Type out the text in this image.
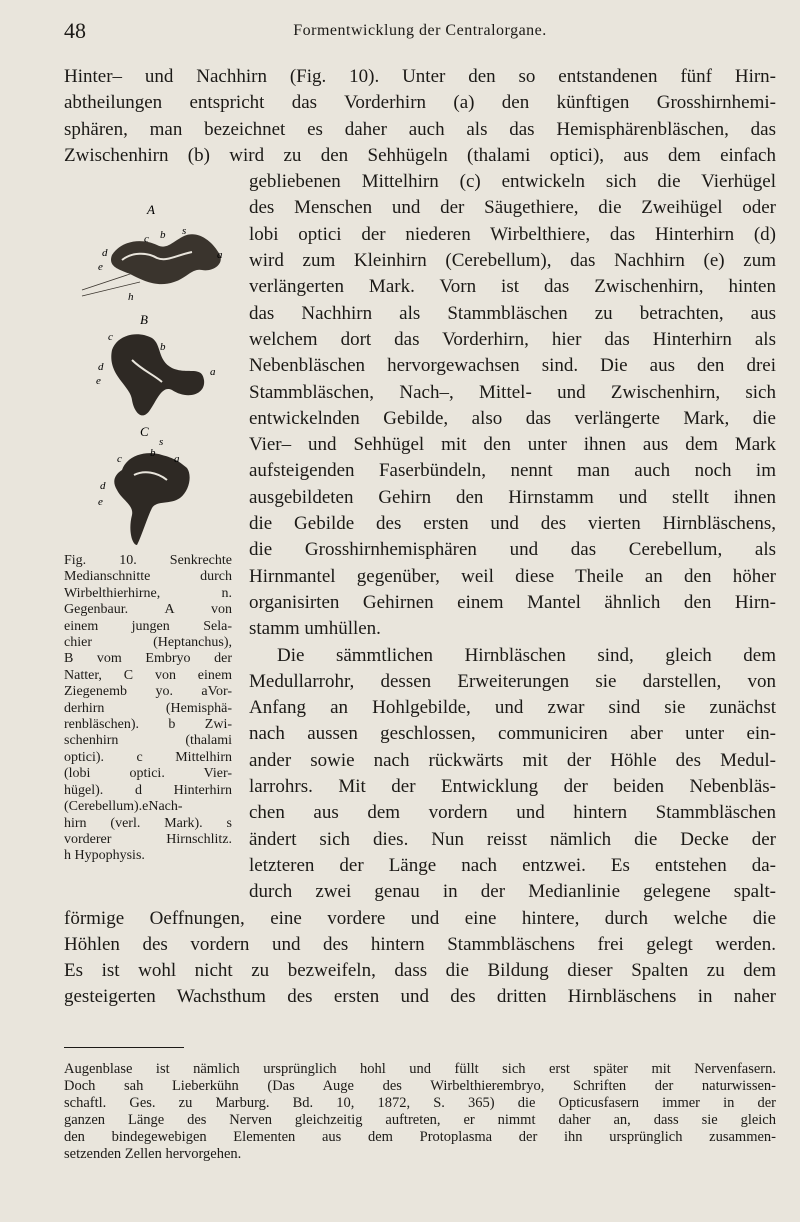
48	Formentwicklung der Centralorgane.
Hinter– und Nachhirn (Fig. 10). Unter den so entstandenen fünf Hirn-
abtheilungen entspricht das Vorderhirn (a) den künftigen Grosshirnhemi-
sphären, man bezeichnet es daher auch als das Hemisphärenbläschen, das
Zwischenhirn (b) wird zu den Sehhügeln (thalami optici), aus dem einfach
gebliebenen Mittelhirn (c) entwickeln sich die Vierhügel
des Menschen und der Säugethiere, die Zweihügel oder
lobi optici der niederen Wirbelthiere, das Hinterhirn (d)
wird zum Kleinhirn (Cerebellum), das Nachhirn (e) zum
verlängerten Mark. Vorn ist das Zwischenhirn, hinten
das Nachhirn als Stammbläschen zu betrachten, aus
welchem dort das Vorderhirn, hier das Hinterhirn als
Nebenbläschen hervorgewachsen sind. Die aus den drei
Stammbläschen, Nach–, Mittel- und Zwischenhirn, sich
entwickelnden Gebilde, also das verlängerte Mark, die
Vier– und Sehhügel mit den unter ihnen aus dem Mark
aufsteigenden Faserbündeln, nennt man auch noch im
ausgebildeten Gehirn den Hirnstamm und stellt ihnen
die Gebilde des ersten und des vierten Hirnbläschens,
die Grosshirnhemisphären und das Cerebellum, als
Hirnmantel gegenüber, weil diese Theile an den höher
organisirten Gehirnen einem Mantel ähnlich den Hirn-
stamm umhüllen.
Die sämmtlichen Hirnbläschen sind, gleich dem
Medullarrohr, dessen Erweiterungen sie darstellen, von
Anfang an Hohlgebilde, und zwar sind sie zunächst
nach aussen geschlossen, communiciren aber unter ein-
ander sowie nach rückwärts mit der Höhle des Medul-
larrohrs. Mit der Entwicklung der beiden Nebenbläs-
chen aus dem vordern und hintern Stammbläschen
ändert sich dies. Nun reisst nämlich die Decke der
letzteren der Länge nach entzwei. Es entstehen da-
durch zwei genau in der Medianlinie gelegene spalt-
förmige Oeffnungen, eine vordere und eine hintere, durch welche die
Höhlen des vordern und des hintern Stammbläschens frei gelegt werden.
Es ist wohl nicht zu bezweifeln, dass die Bildung dieser Spalten zu dem
gesteigerten Wachsthum des ersten und des dritten Hirnbläschens in naher
A
c b s
a
d
e
h
B
c
b
a
d
e
C
c	b
s
a
d
e
Fig. 10. Senkrechte
Medianschnitte durch
Wirbelthierhirne, n.
Gegenbaur. A von
einem jungen Sela-
chier (Heptanchus),
B vom Embryo der
Natter, C von einem
Ziegenemb yo. aVor-
derhirn (Hemisphä-
renbläschen). b Zwi-
schenhirn (thalami
optici). c Mittelhirn
(lobi optici. Vier-
hügel). d Hinterhirn
(Cerebellum).eNach-
hirn (verl. Mark). s
vorderer Hirnschlitz.
h Hypophysis.
Augenblase ist nämlich ursprünglich hohl und füllt sich erst später mit Nervenfasern.
Doch sah Lieberkühn (Das Auge des Wirbelthierembryo, Schriften der naturwissen-
schaftl. Ges. zu Marburg. Bd. 10, 1872, S. 365) die Opticusfasern immer in der
ganzen Länge des Nerven gleichzeitig auftreten, er nimmt daher an, dass sie gleich
den bindegewebigen Elementen aus dem Protoplasma der ihn ursprünglich zusammen-
setzenden Zellen hervorgehen.
